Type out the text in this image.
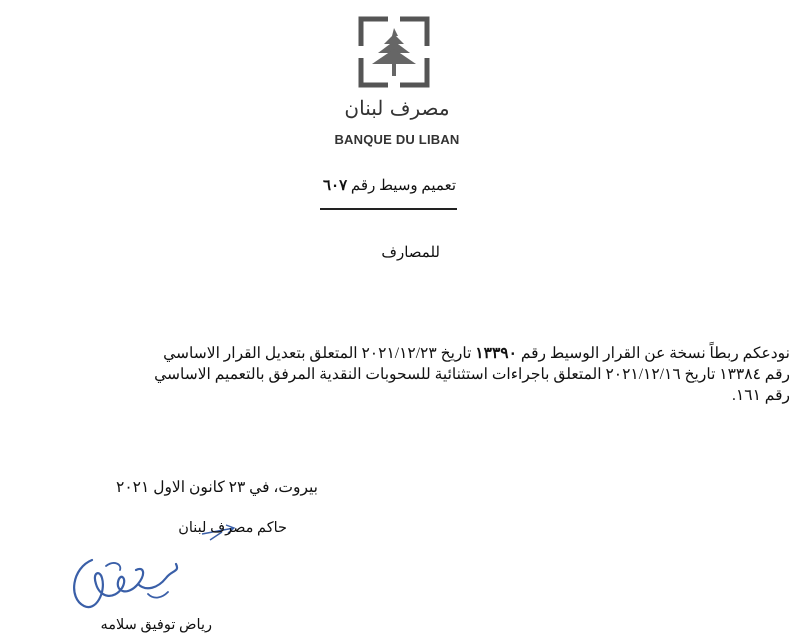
مصرف لبنان
BANQUE DU LIBAN
تعميم وسيط رقم ٦٠٧
للمصارف
نودعكم ربطاً نسخة عن القرار الوسيط رقم ١٣٣٩٠ تاريخ ٢٠٢١/١٢/٢٣ المتعلق بتعديل القرار الاساسي
رقم ١٣٣٨٤ تاريخ ٢٠٢١/١٢/١٦ المتعلق باجراءات استثنائية للسحوبات النقدية المرفق بالتعميم الاساسي
رقم ١٦١.
بيروت، في ٢٣ كانون الاول ٢٠٢١
حاكم مصرف لبنان
رياض توفيق سلامه
